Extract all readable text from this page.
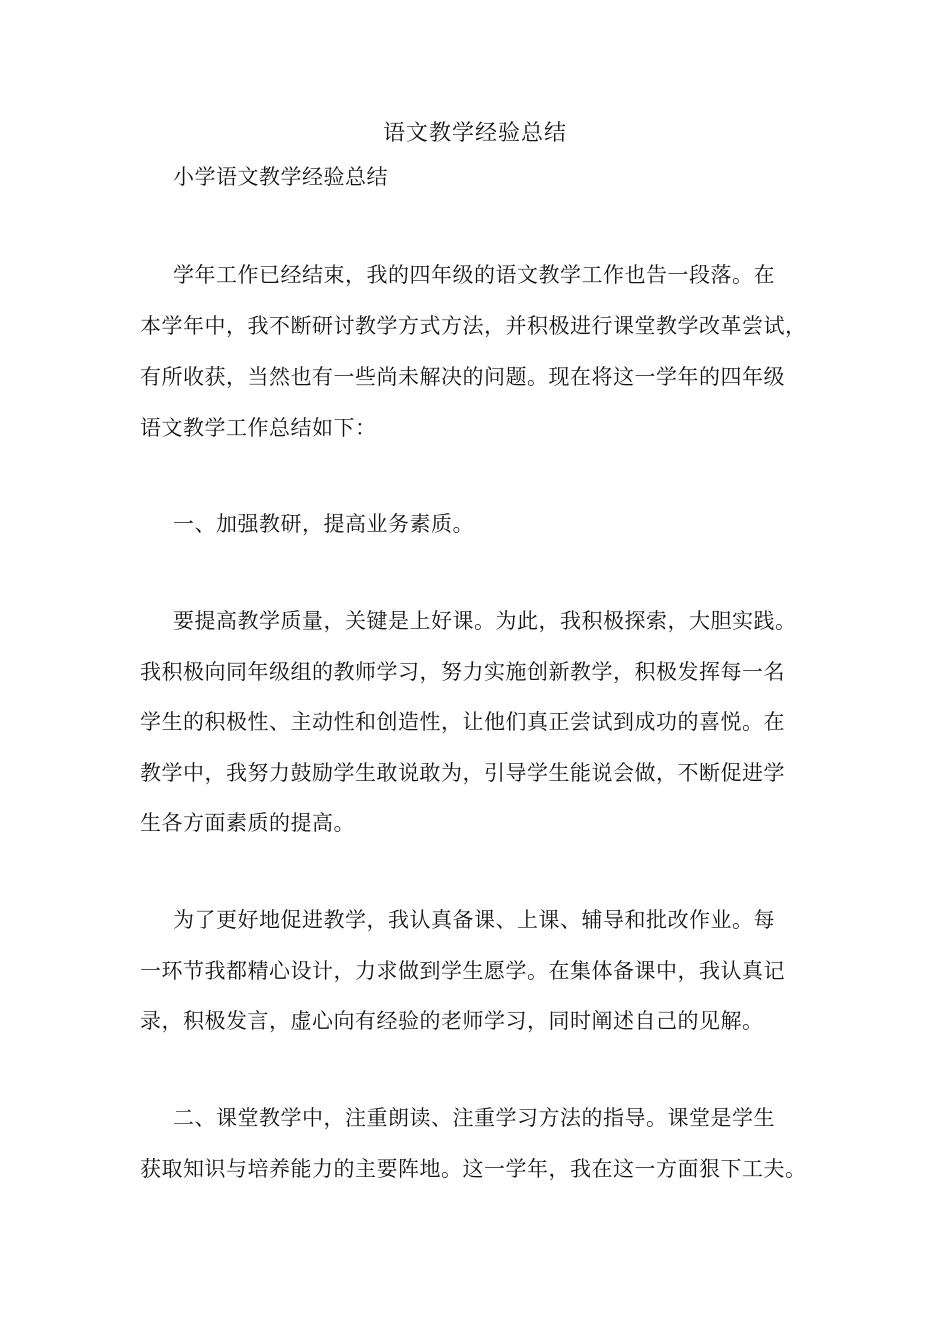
语文教学经验总结
小学语文教学经验总结
学年工作已经结束，我的四年级的语文教学工作也告一段落。在
本学年中，我不断研讨教学方式方法，并积极进行课堂教学改革尝试，
有所收获，当然也有一些尚未解决的问题。现在将这一学年的四年级
语文教学工作总结如下：
一、加强教研，提高业务素质。
要提高教学质量，关键是上好课。为此，我积极探索，大胆实践。
我积极向同年级组的教师学习，努力实施创新教学，积极发挥每一名
学生的积极性、主动性和创造性，让他们真正尝试到成功的喜悦。在
教学中，我努力鼓励学生敢说敢为，引导学生能说会做，不断促进学
生各方面素质的提高。
为了更好地促进教学，我认真备课、上课、辅导和批改作业。每
一环节我都精心设计，力求做到学生愿学。在集体备课中，我认真记
录，积极发言，虚心向有经验的老师学习，同时阐述自己的见解。
二、课堂教学中，注重朗读、注重学习方法的指导。课堂是学生
获取知识与培养能力的主要阵地。这一学年，我在这一方面狠下工夫。
